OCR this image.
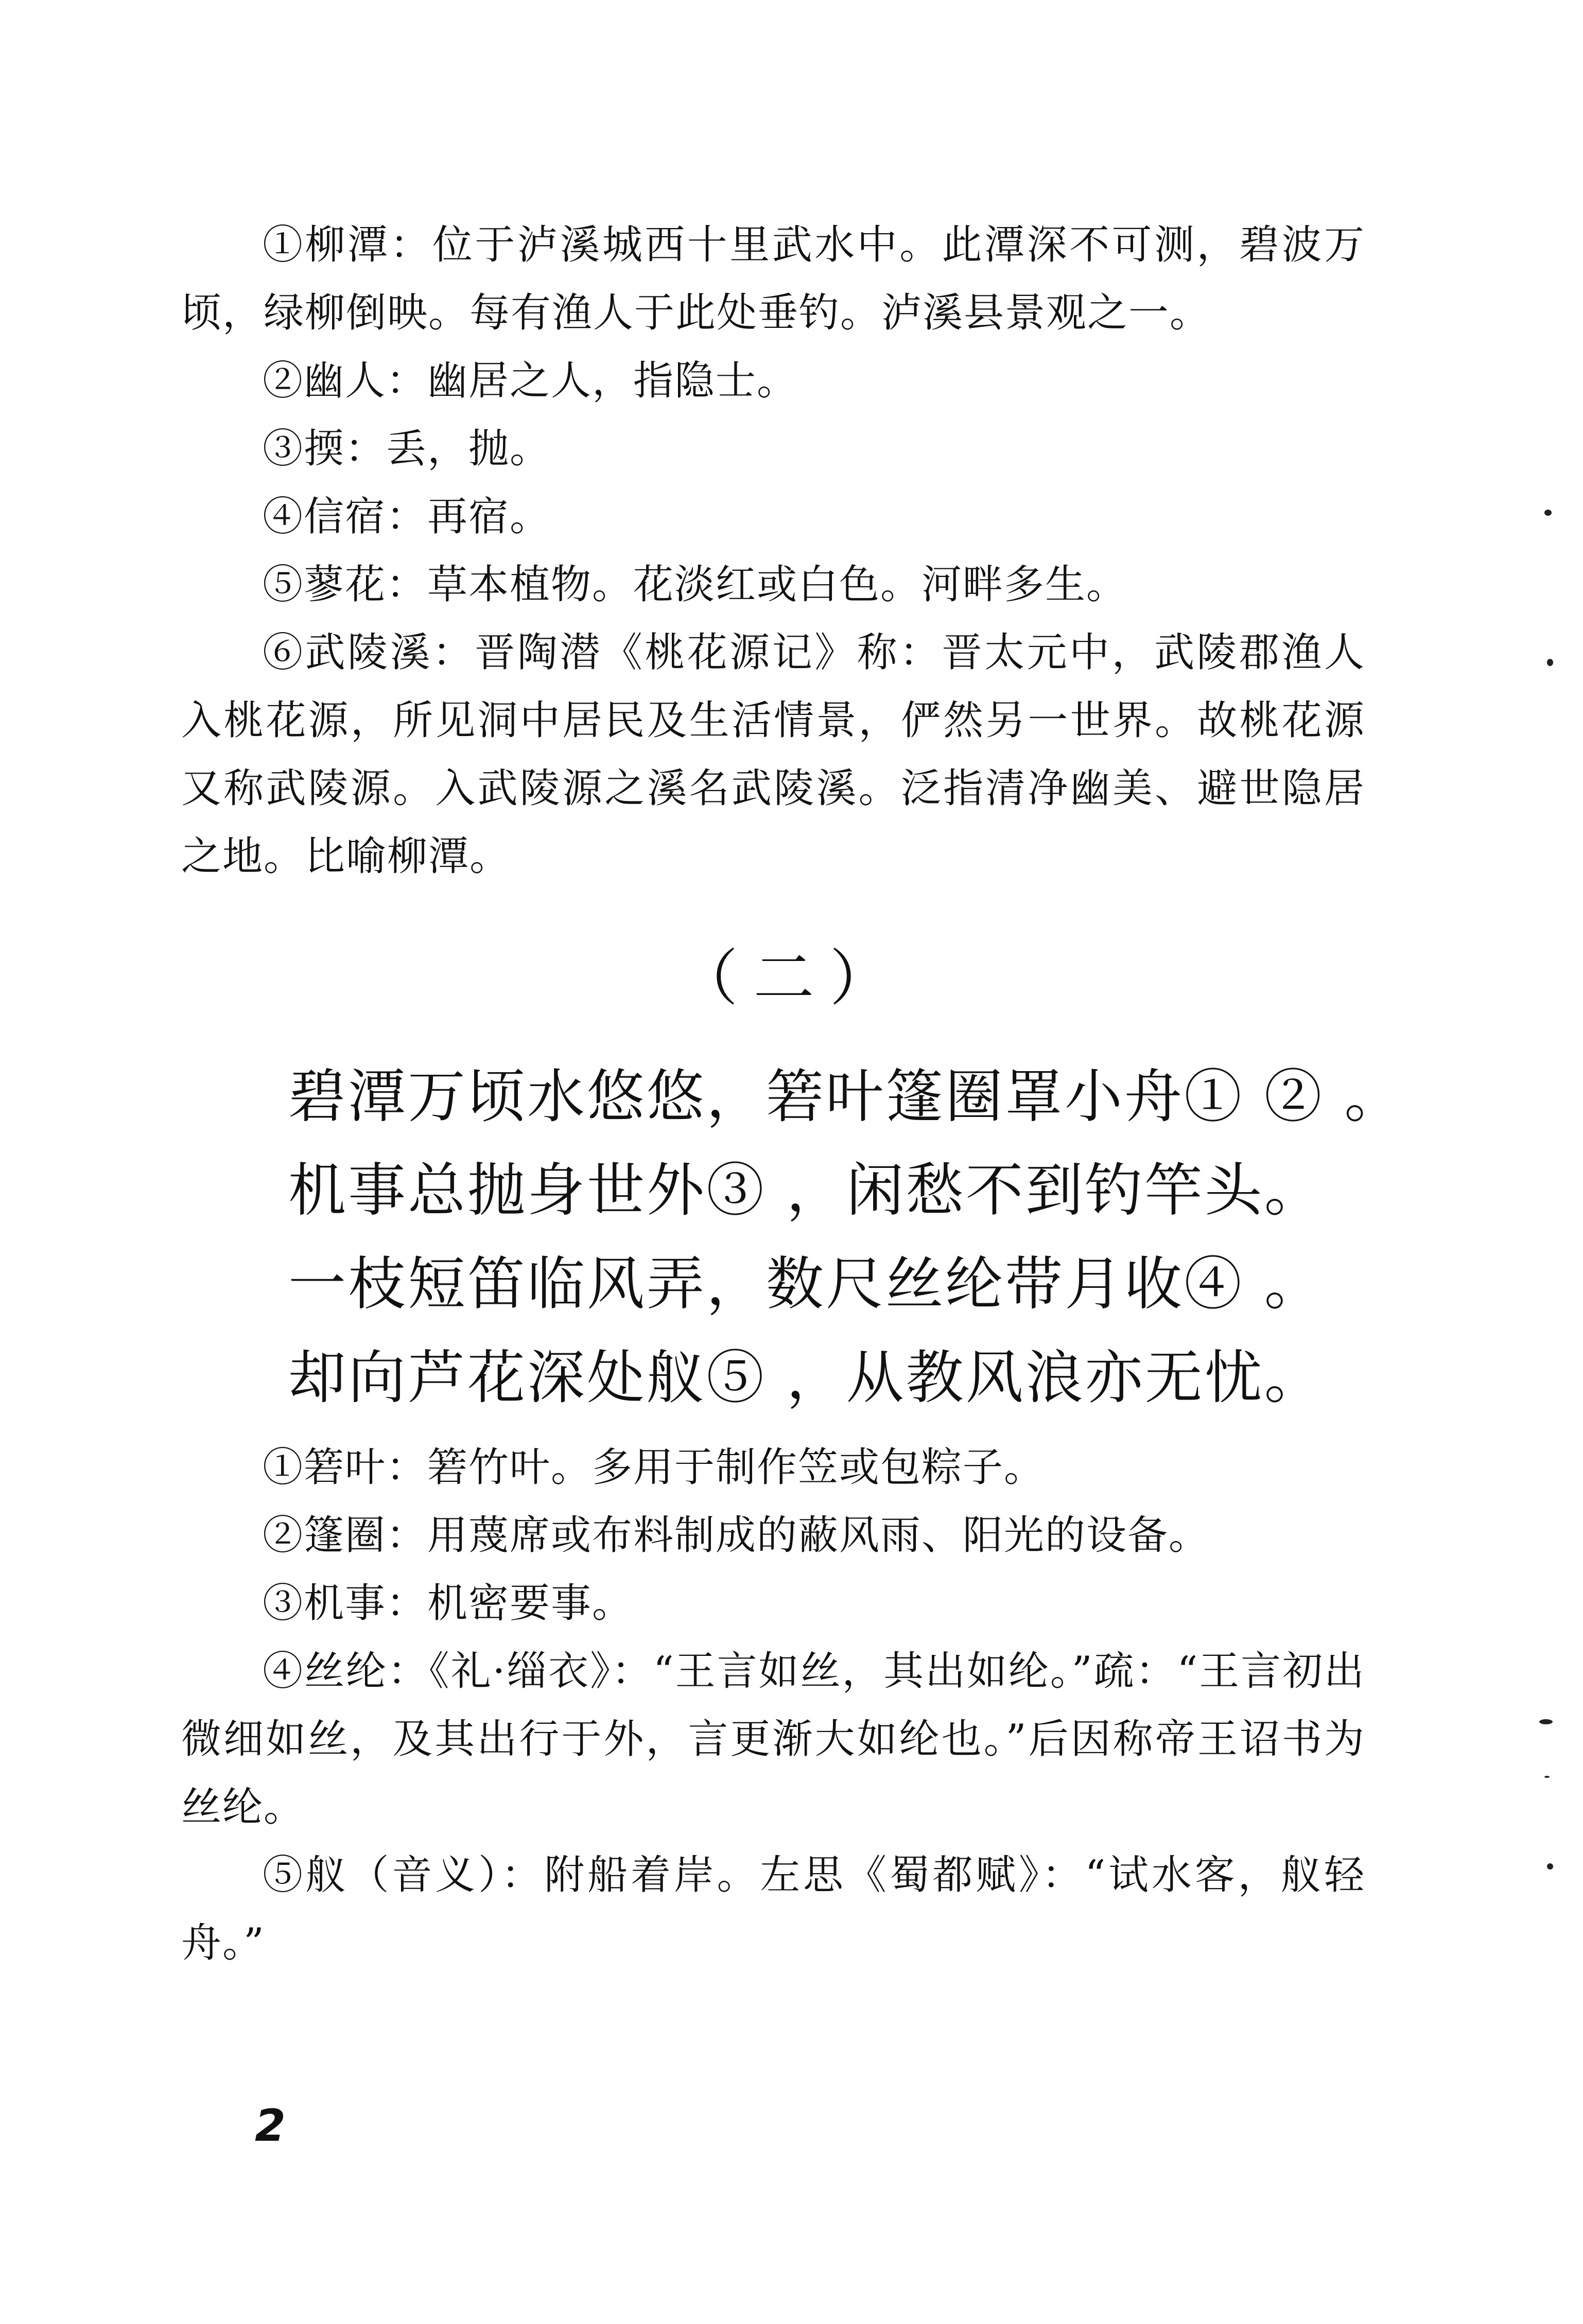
①柳潭：位于泸溪城西十里武水中。此潭深不可测，碧波万顷，绿柳倒映。每有渔人于此处垂钓。泸溪县景观之一。

②幽人：幽居之人，指隐士。

③㨎：丢，抛。

④信宿：再宿。

⑤蓼花：草本植物。花淡红或白色。河畔多生。

⑥武陵溪：晋陶潜《桃花源记》称：晋太元中，武陵郡渔人入桃花源，所见洞中居民及生活情景，俨然另一世界。故桃花源又称武陵源。入武陵源之溪名武陵溪。泛指清净幽美、避世隐居之地。比喻柳潭。

（二）

碧潭万顷水悠悠，箬叶篷圈罩小舟① ② 。

机事总抛身世外③ ，闲愁不到钓竿头。

一枝短笛临风弄，数尺丝纶带月收④ 。

却向芦花深处舣⑤ ，从教风浪亦无忧。

①箬叶：箬竹叶。多用于制作笠或包粽子。

②篷圈：用蔑席或布料制成的蔽风雨、阳光的设备。

③机事：机密要事。

④丝纶：《礼·缁衣》：“王言如丝，其出如纶。”疏：“王言初出微细如丝，及其出行于外，言更渐大如纶也。”后因称帝王诏书为丝纶。

⑤舣（音义）：附船着岸。左思《蜀都赋》：“试水客，舣轻舟。”

2
